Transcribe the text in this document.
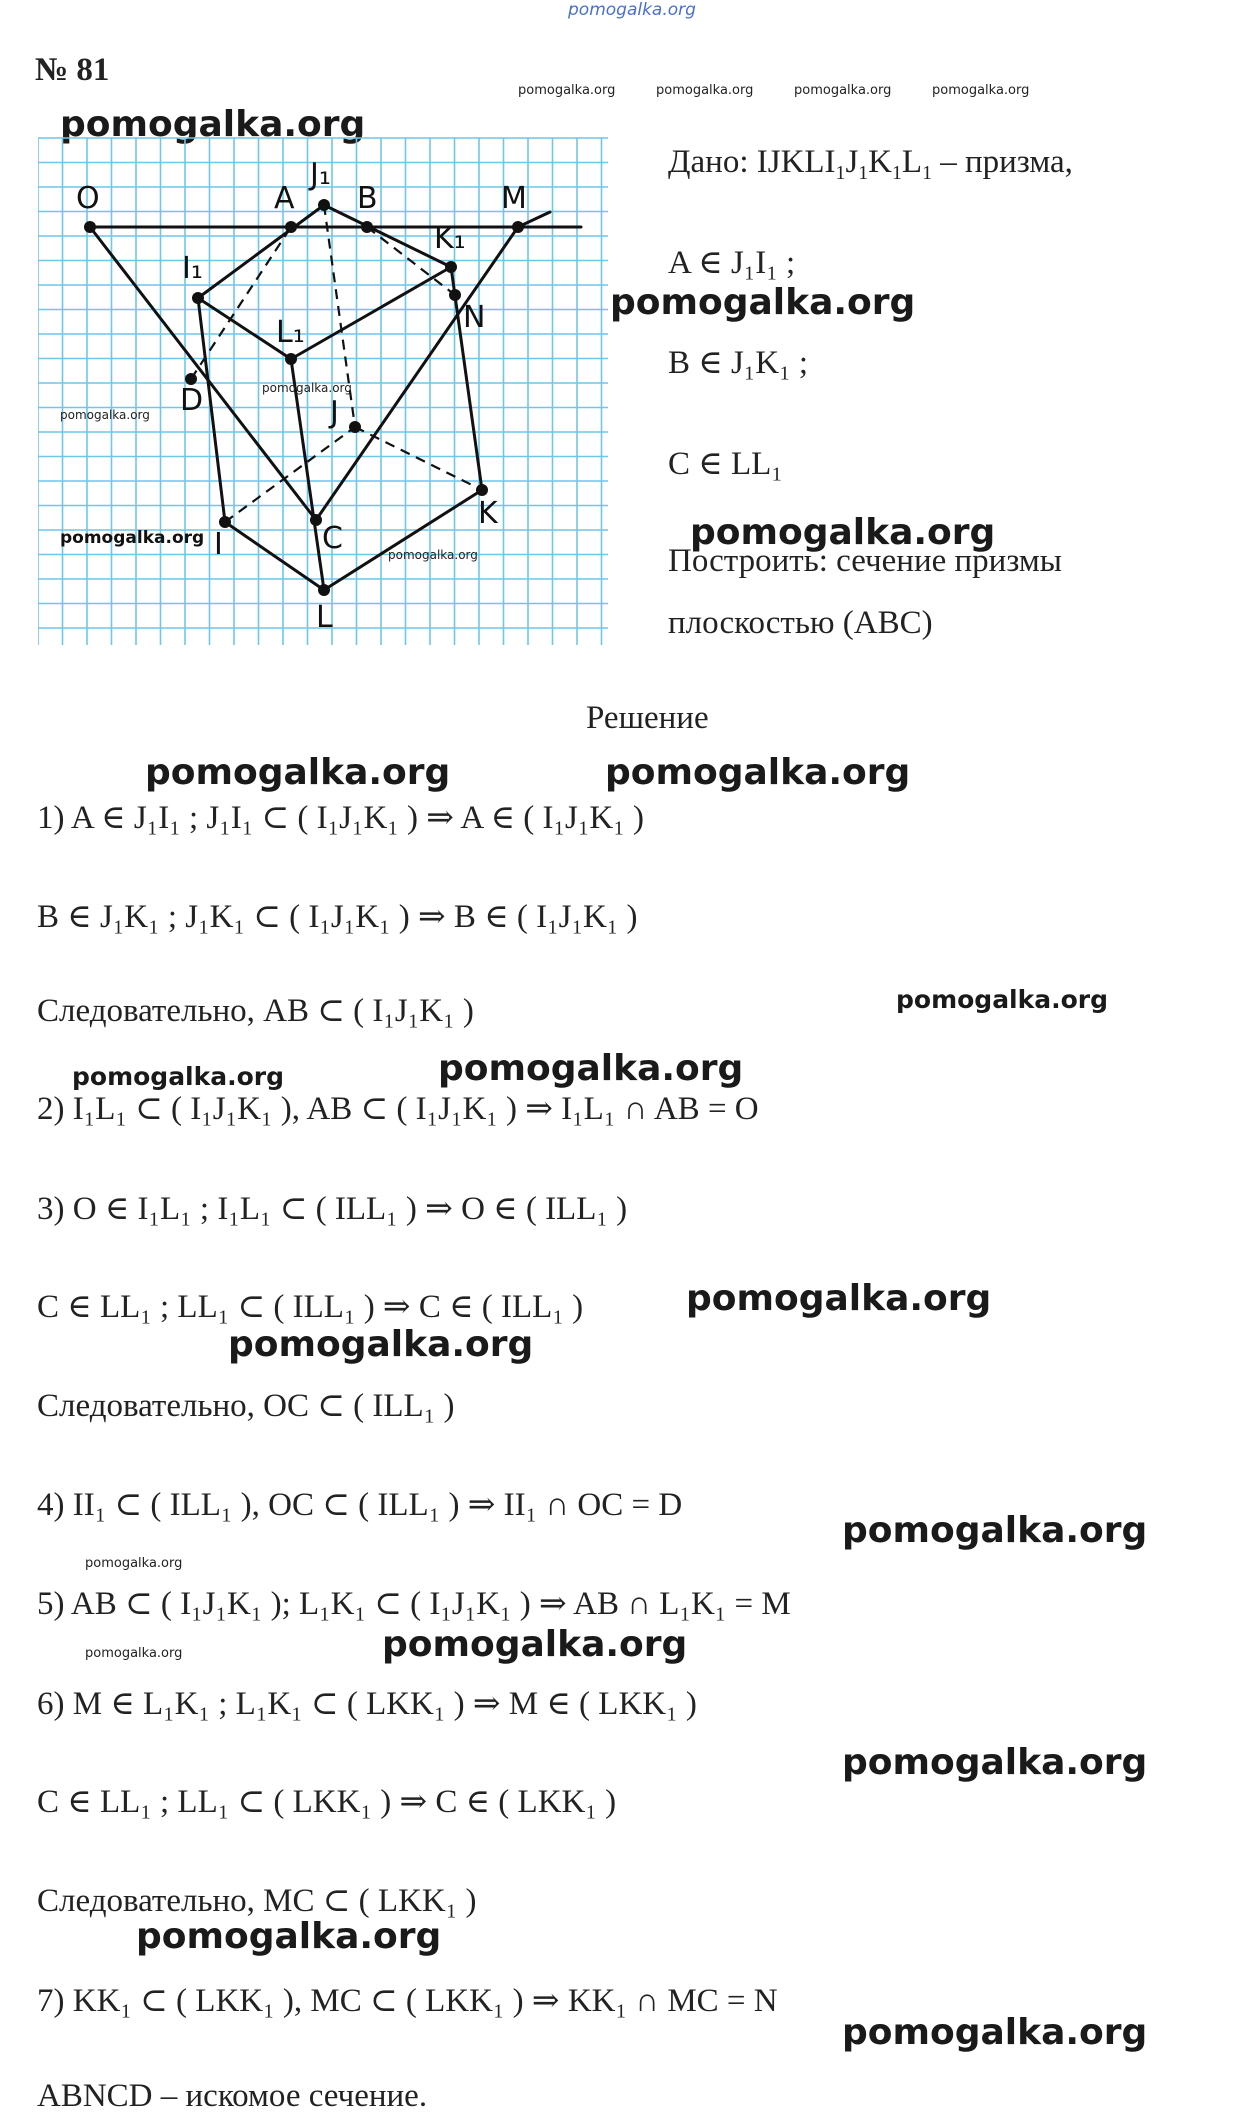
pomogalka.org
№ 81
pomogalka.org	pomogalka.org	pomogalka.org	pomogalka.org
pomogalka.org
O	A
J₁
B	M
K₁
I₁
N
L₁
D	J
K
I	C
L
pomogalka.org
pomogalka.org
pomogalka.org
pomogalka.org
Дано: $IJKLI_1J_1K_1L_1$ – призма,
A ∈ J₁I₁ ;
pomogalka.org
B ∈ J₁K₁ ;
C ∈ LL₁
pomogalka.org
Построить: сечение призмы
плоскостью (ABC)
Решение
pomogalka.org	pomogalka.org
1) A ∈ J₁I₁ ; J₁I₁ ⊂ ( I₁J₁K₁ ) ⇒ A ∈ ( I₁J₁K₁ )
B ∈ J₁K₁ ; J₁K₁ ⊂ ( I₁J₁K₁ ) ⇒ B ∈ ( I₁J₁K₁ )
Следовательно, AB ⊂ ( I₁J₁K₁ )	pomogalka.org
pomogalka.org	pomogalka.org
2) I₁L₁ ⊂ ( I₁J₁K₁ ), AB ⊂ ( I₁J₁K₁ ) ⇒ I₁L₁ ∩ AB = O
3) O ∈ I₁L₁ ; I₁L₁ ⊂ ( ILL₁ ) ⇒ O ∈ ( ILL₁ )
C ∈ LL₁ ; LL₁ ⊂ ( ILL₁ ) ⇒ C ∈ ( ILL₁ )	pomogalka.org
pomogalka.org
Следовательно, OC ⊂ ( ILL₁ )
4) II₁ ⊂ ( ILL₁ ), OC ⊂ ( ILL₁ ) ⇒ II₁ ∩ OC = D
pomogalka.org
pomogalka.org
5) AB ⊂ ( I₁J₁K₁ ); L₁K₁ ⊂ ( I₁J₁K₁ ) ⇒ AB ∩ L₁K₁ = M
pomogalka.org	pomogalka.org
6) M ∈ L₁K₁ ; L₁K₁ ⊂ ( LKK₁ ) ⇒ M ∈ ( LKK₁ )
pomogalka.org
C ∈ LL₁ ; LL₁ ⊂ ( LKK₁ ) ⇒ C ∈ ( LKK₁ )
Следовательно, MC ⊂ ( LKK₁ )
pomogalka.org
7) KK₁ ⊂ ( LKK₁ ), MC ⊂ ( LKK₁ ) ⇒ KK₁ ∩ MC = N
pomogalka.org
ABNCD – искомое сечение.
